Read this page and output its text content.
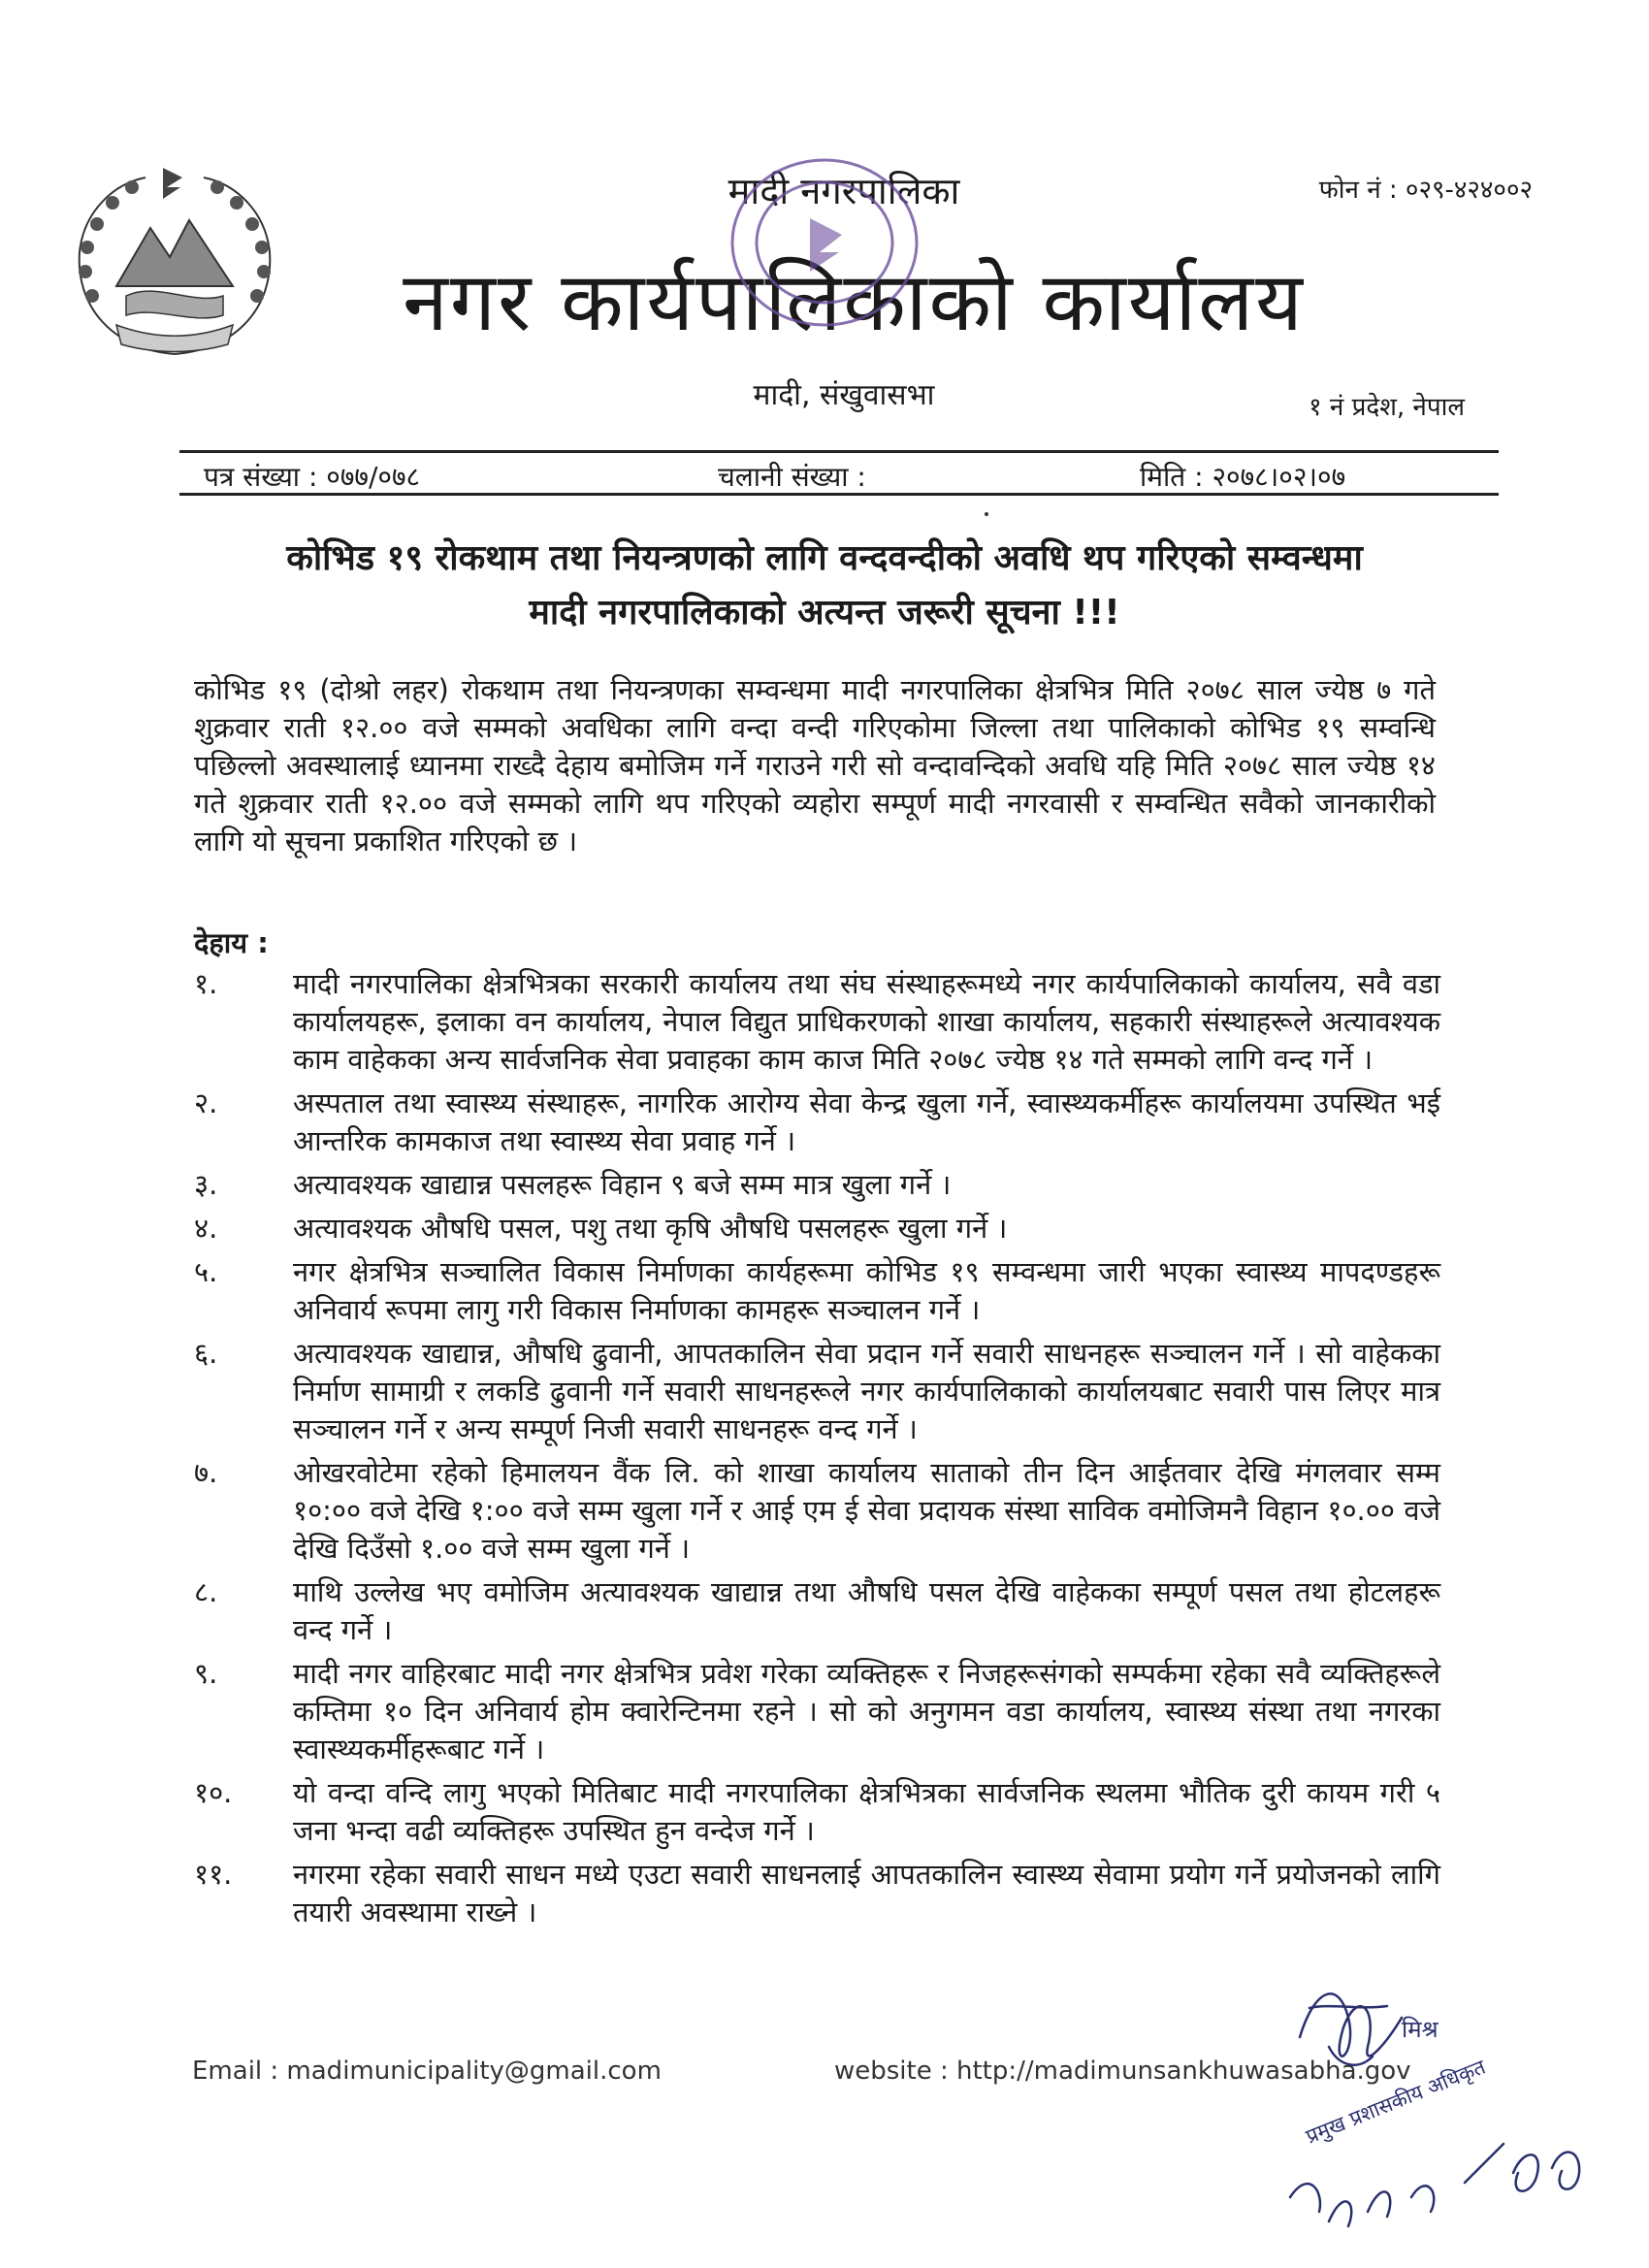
मादी नगरपालिका
नगर कार्यपालिकाको कार्यालय
फोन नं : ०२९-४२४००२
मादी, संखुवासभा	१ नं प्रदेश, नेपाल
पत्र संख्या : ०७७/०७८	चलानी संख्या :	मिति : २०७८।०२।०७
कोभिड १९ रोकथाम तथा नियन्त्रणको लागि वन्दवन्दीको अवधि थप गरिएको सम्वन्धमा
मादी नगरपालिकाको अत्यन्त जरूरी सूचना !!!
कोभिड १९ (दोश्रो लहर) रोकथाम तथा नियन्त्रणका सम्वन्धमा मादी नगरपालिका क्षेत्रभित्र मिति २०७८ साल ज्येष्ठ ७ गते शुक्रवार राती १२.०० वजे सम्मको अवधिका लागि वन्दा वन्दी गरिएकोमा जिल्ला तथा पालिकाको कोभिड १९ सम्वन्धि पछिल्लो अवस्थालाई ध्यानमा राख्दै देहाय बमोजिम गर्ने गराउने गरी सो वन्दावन्दिको अवधि यहि मिति २०७८ साल ज्येष्ठ १४ गते शुक्रवार राती १२.०० वजे सम्मको लागि थप गरिएको व्यहोरा सम्पूर्ण मादी नगरवासी र सम्वन्धित सवैको जानकारीको लागि यो सूचना प्रकाशित गरिएको छ ।
देहाय :
१.	मादी नगरपालिका क्षेत्रभित्रका सरकारी कार्यालय तथा संघ संस्थाहरूमध्ये नगर कार्यपालिकाको कार्यालय, सवै वडा कार्यालयहरू, इलाका वन कार्यालय, नेपाल विद्युत प्राधिकरणको शाखा कार्यालय, सहकारी संस्थाहरूले अत्यावश्यक काम वाहेकका अन्य सार्वजनिक सेवा प्रवाहका काम काज मिति २०७८ ज्येष्ठ १४ गते सम्मको लागि वन्द गर्ने ।
२.	अस्पताल तथा स्वास्थ्य संस्थाहरू, नागरिक आरोग्य सेवा केन्द्र खुला गर्ने, स्वास्थ्यकर्मीहरू कार्यालयमा उपस्थित भई आन्तरिक कामकाज तथा स्वास्थ्य सेवा प्रवाह गर्ने ।
३.	अत्यावश्यक खाद्यान्न पसलहरू विहान ९ बजे सम्म मात्र खुला गर्ने ।
४.	अत्यावश्यक औषधि पसल, पशु तथा कृषि औषधि पसलहरू खुला गर्ने ।
५.	नगर क्षेत्रभित्र सञ्चालित विकास निर्माणका कार्यहरूमा कोभिड १९ सम्वन्धमा जारी भएका स्वास्थ्य मापदण्डहरू अनिवार्य रूपमा लागु गरी विकास निर्माणका कामहरू सञ्चालन गर्ने ।
६.	अत्यावश्यक खाद्यान्न, औषधि ढुवानी, आपतकालिन सेवा प्रदान गर्ने सवारी साधनहरू सञ्चालन गर्ने । सो वाहेकका निर्माण सामाग्री र लकडि ढुवानी गर्ने सवारी साधनहरूले नगर कार्यपालिकाको कार्यालयबाट सवारी पास लिएर मात्र सञ्चालन गर्ने र अन्य सम्पूर्ण निजी सवारी साधनहरू वन्द गर्ने ।
७.	ओखरवोटेमा रहेको हिमालयन वैंक लि. को शाखा कार्यालय साताको तीन दिन आईतवार देखि मंगलवार सम्म १०:०० वजे देखि १:०० वजे सम्म खुला गर्ने र आई एम ई सेवा प्रदायक संस्था साविक वमोजिमनै विहान १०.०० वजे देखि दिउँसो १.०० वजे सम्म खुला गर्ने ।
८.	माथि उल्लेख भए वमोजिम अत्यावश्यक खाद्यान्न तथा औषधि पसल देखि वाहेकका सम्पूर्ण पसल तथा होटलहरू वन्द गर्ने ।
९.	मादी नगर वाहिरबाट मादी नगर क्षेत्रभित्र प्रवेश गरेका व्यक्तिहरू र निजहरूसंगको सम्पर्कमा रहेका सवै व्यक्तिहरूले कम्तिमा १० दिन अनिवार्य होम क्वारेन्टिनमा रहने । सो को अनुगमन वडा कार्यालय, स्वास्थ्य संस्था तथा नगरका स्वास्थ्यकर्मीहरूबाट गर्ने ।
१०.	यो वन्दा वन्दि लागु भएको मितिबाट मादी नगरपालिका क्षेत्रभित्रका सार्वजनिक स्थलमा भौतिक दुरी कायम गरी ५ जना भन्दा वढी व्यक्तिहरू उपस्थित हुन वन्देज गर्ने ।
११.	नगरमा रहेका सवारी साधन मध्ये एउटा सवारी साधनलाई आपतकालिन स्वास्थ्य सेवामा प्रयोग गर्ने प्रयोजनको लागि तयारी अवस्थामा राख्ने ।
Email : madimunicipality@gmail.com	website : http://madimunsankhuwasabha.gov
मिश्र
प्रमुख प्रशासकीय अधिकृत
